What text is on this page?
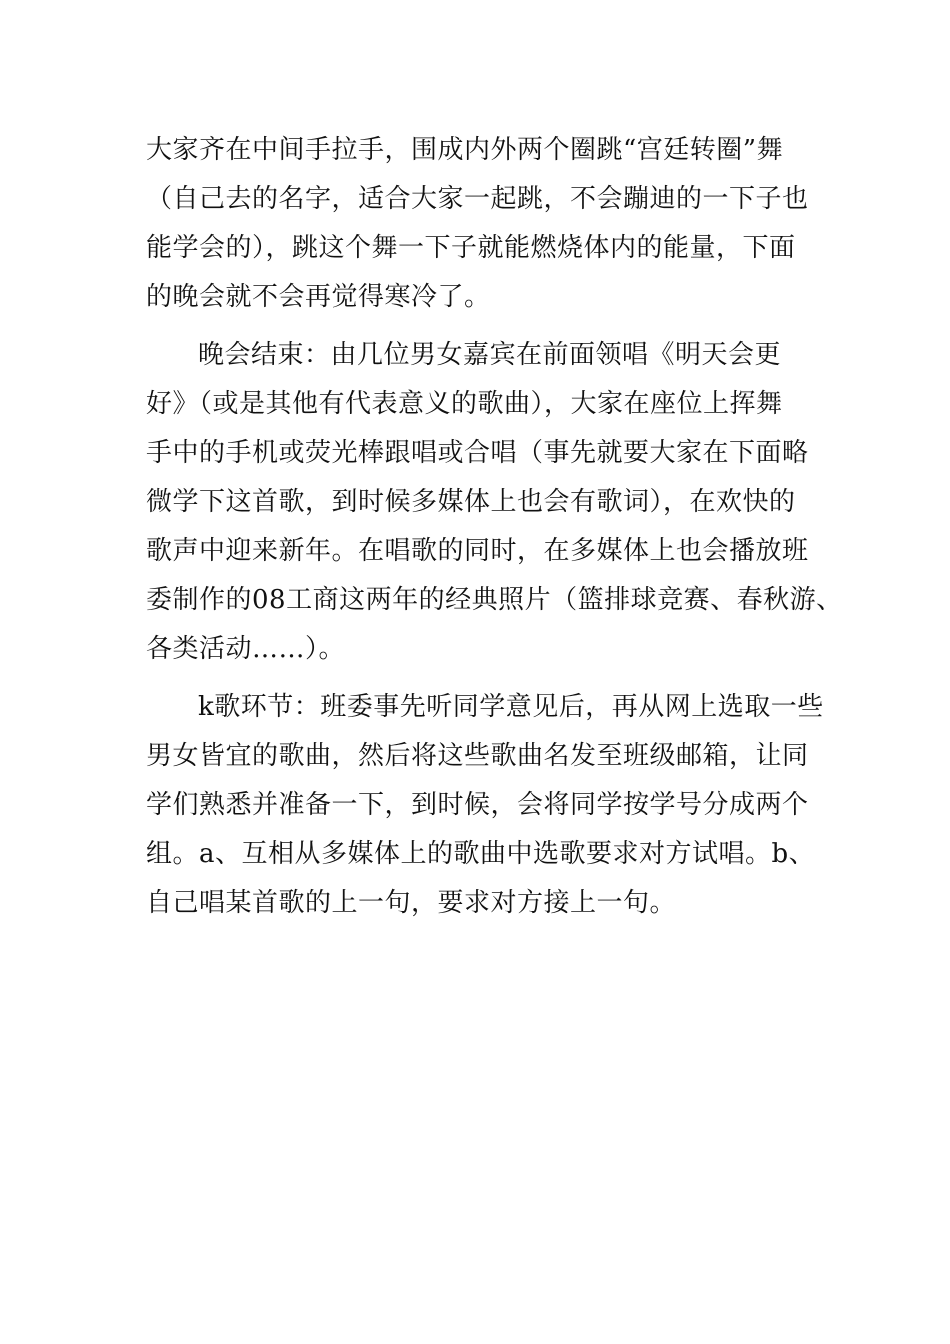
大家齐在中间手拉手，围成内外两个圈跳“宫廷转圈”舞
（自己去的名字，适合大家一起跳，不会蹦迪的一下子也
能学会的），跳这个舞一下子就能燃烧体内的能量，下面
的晚会就不会再觉得寒冷了。
晚会结束：由几位男女嘉宾在前面领唱《明天会更
好》（或是其他有代表意义的歌曲），大家在座位上挥舞
手中的手机或荧光棒跟唱或合唱（事先就要大家在下面略
微学下这首歌，到时候多媒体上也会有歌词），在欢快的
歌声中迎来新年。在唱歌的同时，在多媒体上也会播放班
委制作的08工商这两年的经典照片（篮排球竞赛、春秋游、
各类活动……）。
k歌环节：班委事先听同学意见后，再从网上选取一些
男女皆宜的歌曲，然后将这些歌曲名发至班级邮箱，让同
学们熟悉并准备一下，到时候，会将同学按学号分成两个
组。a、互相从多媒体上的歌曲中选歌要求对方试唱。b、
自己唱某首歌的上一句，要求对方接上一句。
